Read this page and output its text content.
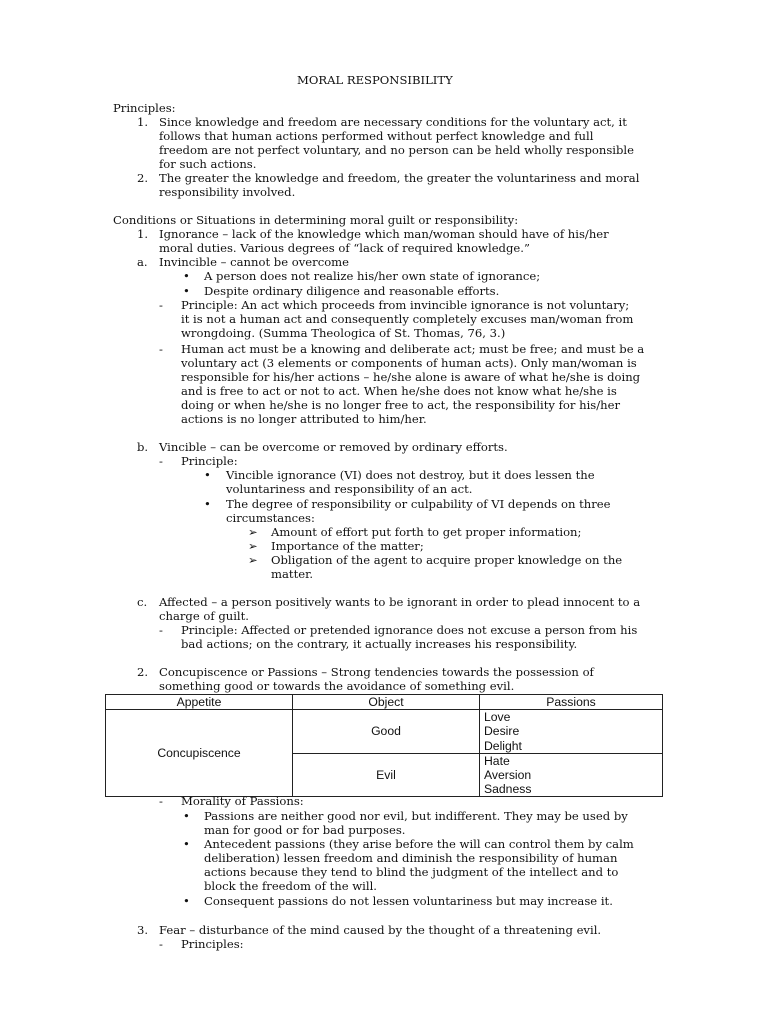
MORAL RESPONSIBILITY
Principles:
1. Since knowledge and freedom are necessary conditions for the voluntary act, it
follows that human actions performed without perfect knowledge and full
freedom are not perfect voluntary, and no person can be held wholly responsible
for such actions.
2. The greater the knowledge and freedom, the greater the voluntariness and moral
responsibility involved.
Conditions or Situations in determining moral guilt or responsibility:
1. Ignorance – lack of the knowledge which man/woman should have of his/her
moral duties. Various degrees of “lack of required knowledge.”
a. Invincible – cannot be overcome
• A person does not realize his/her own state of ignorance;
• Despite ordinary diligence and reasonable efforts.
- Principle: An act which proceeds from invincible ignorance is not voluntary;
it is not a human act and consequently completely excuses man/woman from
wrongdoing. (Summa Theologica of St. Thomas, 76, 3.)
- Human act must be a knowing and deliberate act; must be free; and must be a
voluntary act (3 elements or components of human acts). Only man/woman is
responsible for his/her actions – he/she alone is aware of what he/she is doing
and is free to act or not to act. When he/she does not know what he/she is
doing or when he/she is no longer free to act, the responsibility for his/her
actions is no longer attributed to him/her.
b. Vincible – can be overcome or removed by ordinary efforts.
- Principle:
• Vincible ignorance (VI) does not destroy, but it does lessen the
voluntariness and responsibility of an act.
• The degree of responsibility or culpability of VI depends on three
circumstances:
➢ Amount of effort put forth to get proper information;
➢ Importance of the matter;
➢ Obligation of the agent to acquire proper knowledge on the
matter.
c. Affected – a person positively wants to be ignorant in order to plead innocent to a
charge of guilt.
- Principle: Affected or pretended ignorance does not excuse a person from his
bad actions; on the contrary, it actually increases his responsibility.
2. Concupiscence or Passions – Strong tendencies towards the possession of
something good or towards the avoidance of something evil.
Appetite	Object	Passions
Concupiscence	Good	Love
Desire
Delight

	Evil	Hate
Aversion
Sadness
- Morality of Passions:
• Passions are neither good nor evil, but indifferent. They may be used by
man for good or for bad purposes.
• Antecedent passions (they arise before the will can control them by calm
deliberation) lessen freedom and diminish the responsibility of human
actions because they tend to blind the judgment of the intellect and to
block the freedom of the will.
• Consequent passions do not lessen voluntariness but may increase it.
3. Fear – disturbance of the mind caused by the thought of a threatening evil.
- Principles:
